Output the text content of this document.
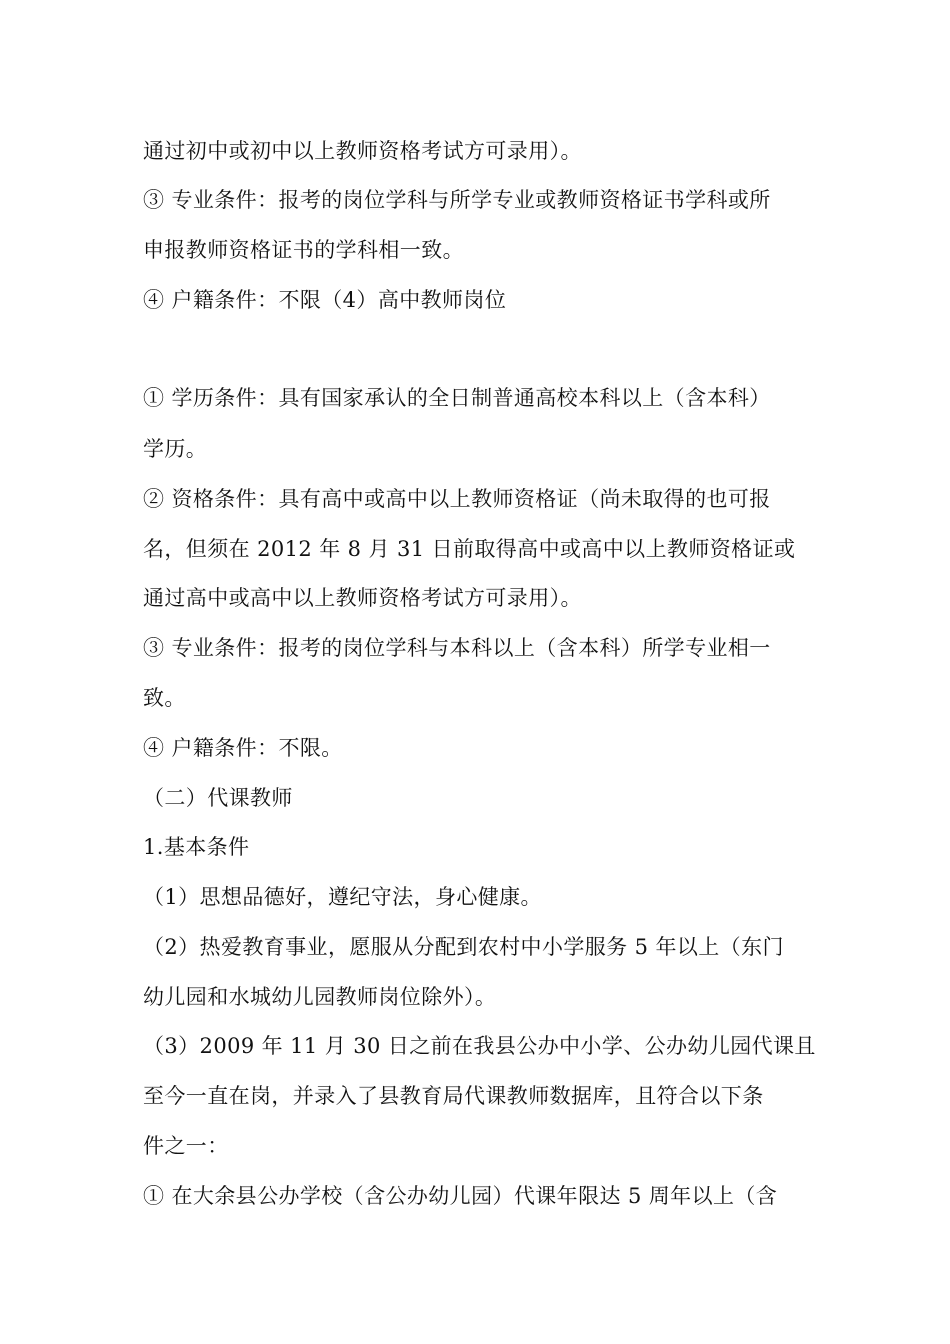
通过初中或初中以上教师资格考试方可录用）。
③ 专业条件：报考的岗位学科与所学专业或教师资格证书学科或所
申报教师资格证书的学科相一致。
④ 户籍条件：不限（4）高中教师岗位
① 学历条件：具有国家承认的全日制普通高校本科以上（含本科）
学历。
② 资格条件：具有高中或高中以上教师资格证（尚未取得的也可报
名，但须在 2012 年 8 月 31 日前取得高中或高中以上教师资格证或
通过高中或高中以上教师资格考试方可录用）。
③ 专业条件：报考的岗位学科与本科以上（含本科）所学专业相一
致。
④ 户籍条件：不限。
（二）代课教师
1.基本条件
（1）思想品德好，遵纪守法，身心健康。
（2）热爱教育事业，愿服从分配到农村中小学服务 5 年以上（东门
幼儿园和水城幼儿园教师岗位除外）。
（3）2009 年 11 月 30 日之前在我县公办中小学、公办幼儿园代课且
至今一直在岗，并录入了县教育局代课教师数据库，且符合以下条
件之一：
① 在大余县公办学校（含公办幼儿园）代课年限达 5 周年以上（含
